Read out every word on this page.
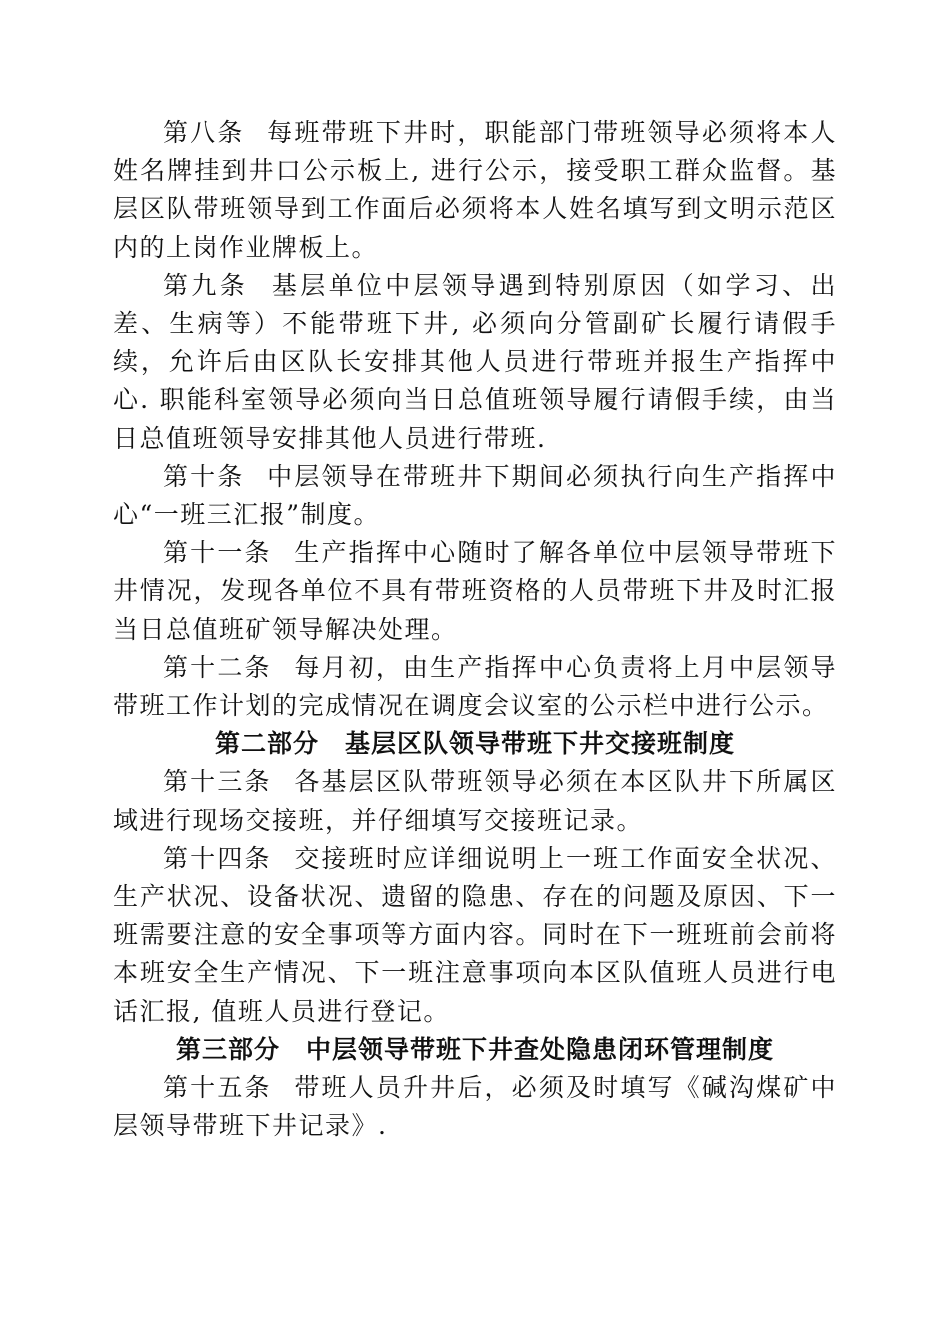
第八条 每班带班下井时，职能部门带班领导必须将本人姓名牌挂到井口公示板上, 进行公示，接受职工群众监督。基层区队带班领导到工作面后必须将本人姓名填写到文明示范区内的上岗作业牌板上。

第九条 基层单位中层领导遇到特别原因（如学习、出差、生病等）不能带班下井, 必须向分管副矿长履行请假手续，允许后由区队长安排其他人员进行带班并报生产指挥中心. 职能科室领导必须向当日总值班领导履行请假手续，由当日总值班领导安排其他人员进行带班.

第十条 中层领导在带班井下期间必须执行向生产指挥中心“一班三汇报”制度。

第十一条 生产指挥中心随时了解各单位中层领导带班下井情况，发现各单位不具有带班资格的人员带班下井及时汇报当日总值班矿领导解决处理。

第十二条 每月初，由生产指挥中心负责将上月中层领导带班工作计划的完成情况在调度会议室的公示栏中进行公示。

第二部分　基层区队领导带班下井交接班制度

第十三条 各基层区队带班领导必须在本区队井下所属区域进行现场交接班，并仔细填写交接班记录。

第十四条 交接班时应详细说明上一班工作面安全状况、生产状况、设备状况、遗留的隐患、存在的问题及原因、下一班需要注意的安全事项等方面内容。同时在下一班班前会前将本班安全生产情况、下一班注意事项向本区队值班人员进行电话汇报, 值班人员进行登记。

第三部分　中层领导带班下井查处隐患闭环管理制度

第十五条 带班人员升井后，必须及时填写《碱沟煤矿中层领导带班下井记录》.
